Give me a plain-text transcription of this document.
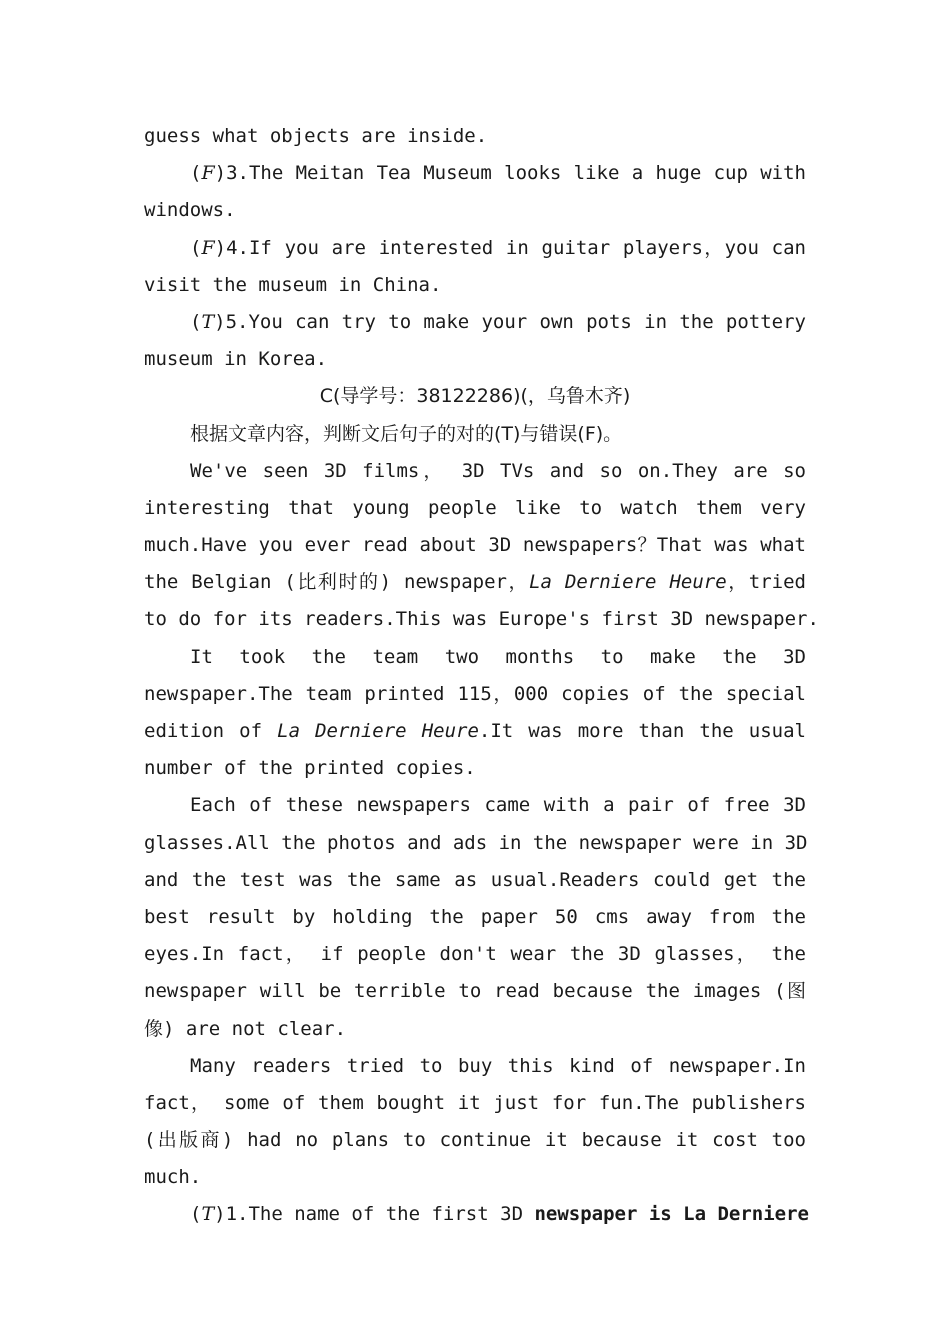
guess what objects are inside.
(F)3.The Meitan Tea Museum looks like a huge cup with
windows.
(F)4.If you are interested in guitar players，you can
visit the museum in China.
(T)5.You can try to make your own pots in the pottery
museum in Korea.
C(导学号：38122286)(，乌鲁木齐)
根据文章内容，判断文后句子的对的(T)与错误(F)。
We've seen 3D films， 3D TVs and so on.They are so
interesting that young people like to watch them very
much.Have you ever read about 3D newspapers？That was what
the Belgian (比利时的) newspaper，La Derniere Heure，tried
to do for its readers.This was Europe's first 3D newspaper.
It took the team two months to make the 3D
newspaper.The team printed 115，000 copies of the special
edition of La Derniere Heure.It was more than the usual
number of the printed copies.
Each of these newspapers came with a pair of free 3D
glasses.All the photos and ads in the newspaper were in 3D
and the test was the same as usual.Readers could get the
best result by holding the paper 50 cms away from the
eyes.In fact， if people don't wear the 3D glasses， the
newspaper will be terrible to read because the images (图
像) are not clear.
Many readers tried to buy this kind of newspaper.In
fact， some of them bought it just for fun.The publishers
(出版商) had no plans to continue it because it cost too
much.
(T)1.The name of the first 3D newspaper is La Derniere
